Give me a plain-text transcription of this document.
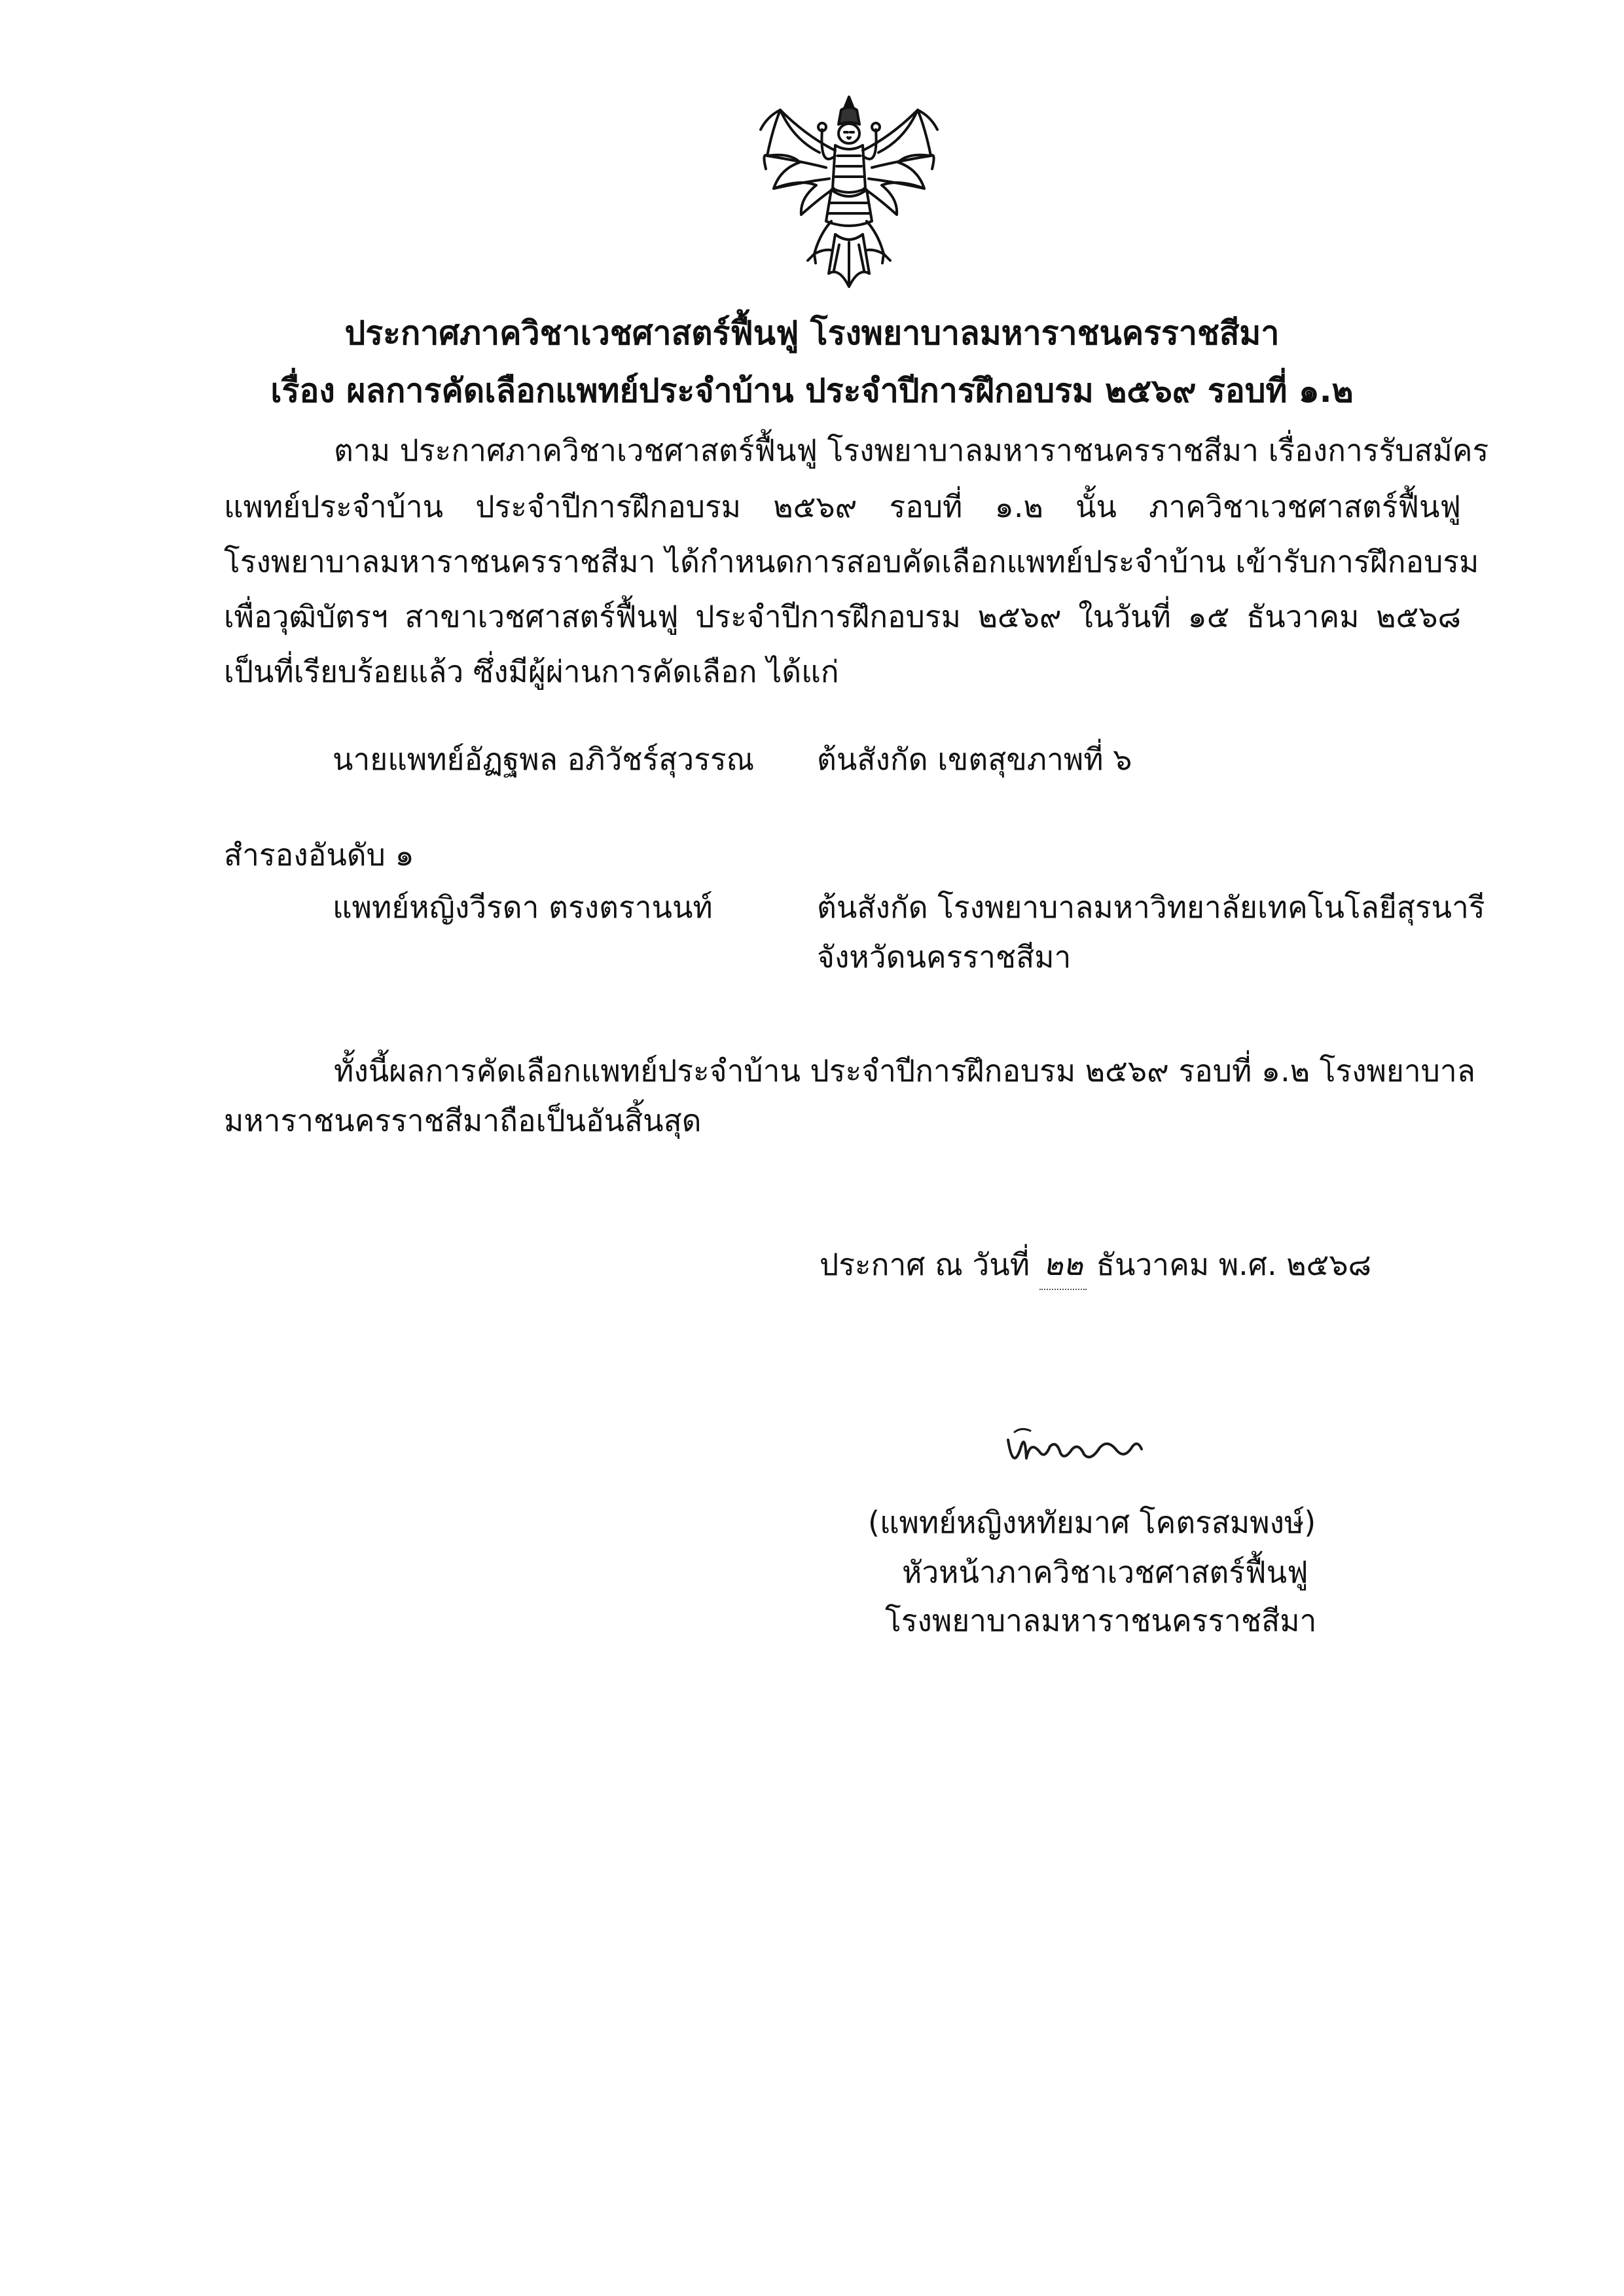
ประกาศภาควิชาเวชศาสตร์ฟื้นฟู โรงพยาบาลมหาราชนครราชสีมา
เรื่อง ผลการคัดเลือกแพทย์ประจำบ้าน ประจำปีการฝึกอบรม ๒๕๖๙ รอบที่ ๑.๒
ตาม ประกาศภาควิชาเวชศาสตร์ฟื้นฟู โรงพยาบาลมหาราชนครราชสีมา เรื่องการรับสมัคร
แพทย์ประจำบ้าน ประจำปีการฝึกอบรม ๒๕๖๙ รอบที่ ๑.๒ นั้น ภาควิชาเวชศาสตร์ฟื้นฟู
โรงพยาบาลมหาราชนครราชสีมา ได้กำหนดการสอบคัดเลือกแพทย์ประจำบ้าน เข้ารับการฝึกอบรม
เพื่อวุฒิบัตรฯ สาขาเวชศาสตร์ฟื้นฟู ประจำปีการฝึกอบรม ๒๕๖๙ ในวันที่ ๑๕ ธันวาคม ๒๕๖๘
เป็นที่เรียบร้อยแล้ว ซึ่งมีผู้ผ่านการคัดเลือก ได้แก่
นายแพทย์อัฏฐพล อภิวัชร์สุวรรณ ต้นสังกัด เขตสุขภาพที่ ๖
สำรองอันดับ ๑
แพทย์หญิงวีรดา ตรงตรานนท์	ต้นสังกัด โรงพยาบาลมหาวิทยาลัยเทคโนโลยีสุรนารี
จังหวัดนครราชสีมา
ทั้งนี้ผลการคัดเลือกแพทย์ประจำบ้าน ประจำปีการฝึกอบรม ๒๕๖๙ รอบที่ ๑.๒ โรงพยาบาล
มหาราชนครราชสีมาถือเป็นอันสิ้นสุด
ประกาศ ณ วันที่ ๒๒ ธันวาคม พ.ศ. ๒๕๖๘
(แพทย์หญิงหทัยมาศ โคตรสมพงษ์)
หัวหน้าภาควิชาเวชศาสตร์ฟื้นฟู
โรงพยาบาลมหาราชนครราชสีมา
